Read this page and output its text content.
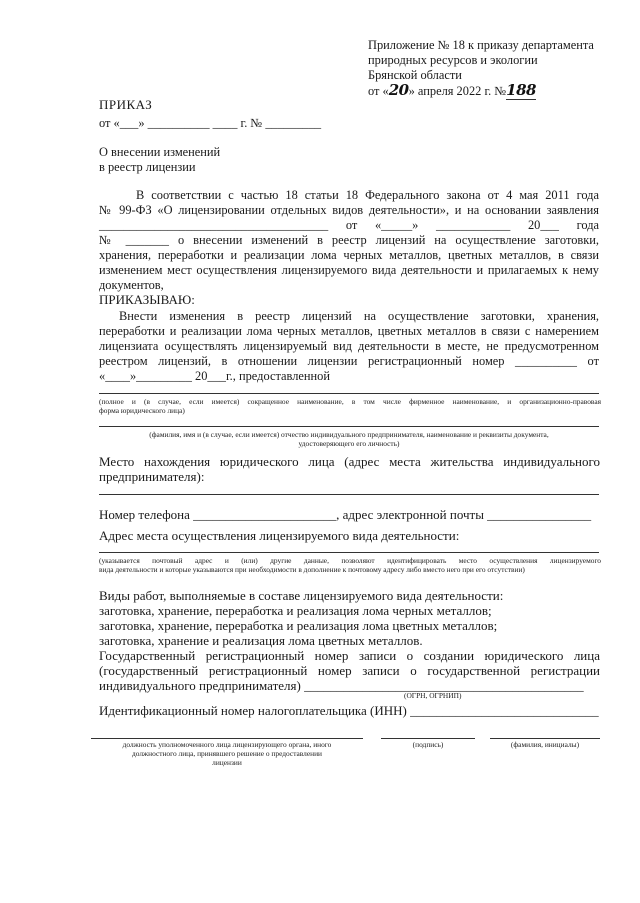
Приложение № 18 к приказу департамента
природных ресурсов и экологии
Брянской области
от «20» апреля 2022 г. №188
ПРИКАЗ
от «___» __________ ____ г. № _________
О внесении изменений
в реестр лицензии
В соответствии с частью 18 статьи 18 Федерального закона от 4 мая 2011 года
№ 99-ФЗ «О лицензировании отдельных видов деятельности», и на основании заявления
_____________________________________ от «_____» ____________ 20___ года
№ _______ о внесении изменений в реестр лицензий на осуществление заготовки,
хранения, переработки и реализации лома черных металлов, цветных металлов, в связи
изменением мест осуществления лицензируемого вида деятельности и прилагаемых к нему
документов,
ПРИКАЗЫВАЮ:
Внести изменения в реестр лицензий на осуществление заготовки, хранения,
переработки и реализации лома черных металлов, цветных металлов в связи с намерением
лицензиата осуществлять лицензируемый вид деятельности в месте, не предусмотренном
реестром лицензий, в отношении лицензии регистрационный номер __________ от
«____»_________ 20___г., предоставленной
(полное и (в случае, если имеется) сокращенное наименование, в том числе фирменное наименование, и организационно-правовая
форма юридического лица)
(фамилия, имя и (в случае, если имеется) отчество индивидуального предпринимателя, наименование и реквизиты документа,
удостоверяющего его личность)
Место нахождения юридического лица (адрес места жительства индивидуального
предпринимателя):
Номер телефона ______________________, адрес электронной почты ________________
Адрес места осуществления лицензируемого вида деятельности:
(указывается почтовый адрес и (или) другие данные, позволяют идентифицировать место осуществления лицензируемого
вида деятельности и которые указываются при необходимости в дополнение к почтовому адресу либо вместо него при его отсутствии)
Виды работ, выполняемые в составе лицензируемого вида деятельности:
заготовка, хранение, переработка и реализация лома черных металлов;
заготовка, хранение, переработка и реализация лома цветных металлов;
заготовка, хранение и реализация лома цветных металлов.
Государственный регистрационный номер записи о создании юридического лица
(государственный регистрационный номер записи о государственной регистрации
индивидуального предпринимателя) ___________________________________________
(ОГРН, ОГРНИП)
Идентификационный номер налогоплательщика (ИНН) _____________________________
должность уполномоченного лица лицензирующего органа, иного
должностного лица, принявшего решение о предоставлении
лицензии
(подпись)	(фамилия, инициалы)
